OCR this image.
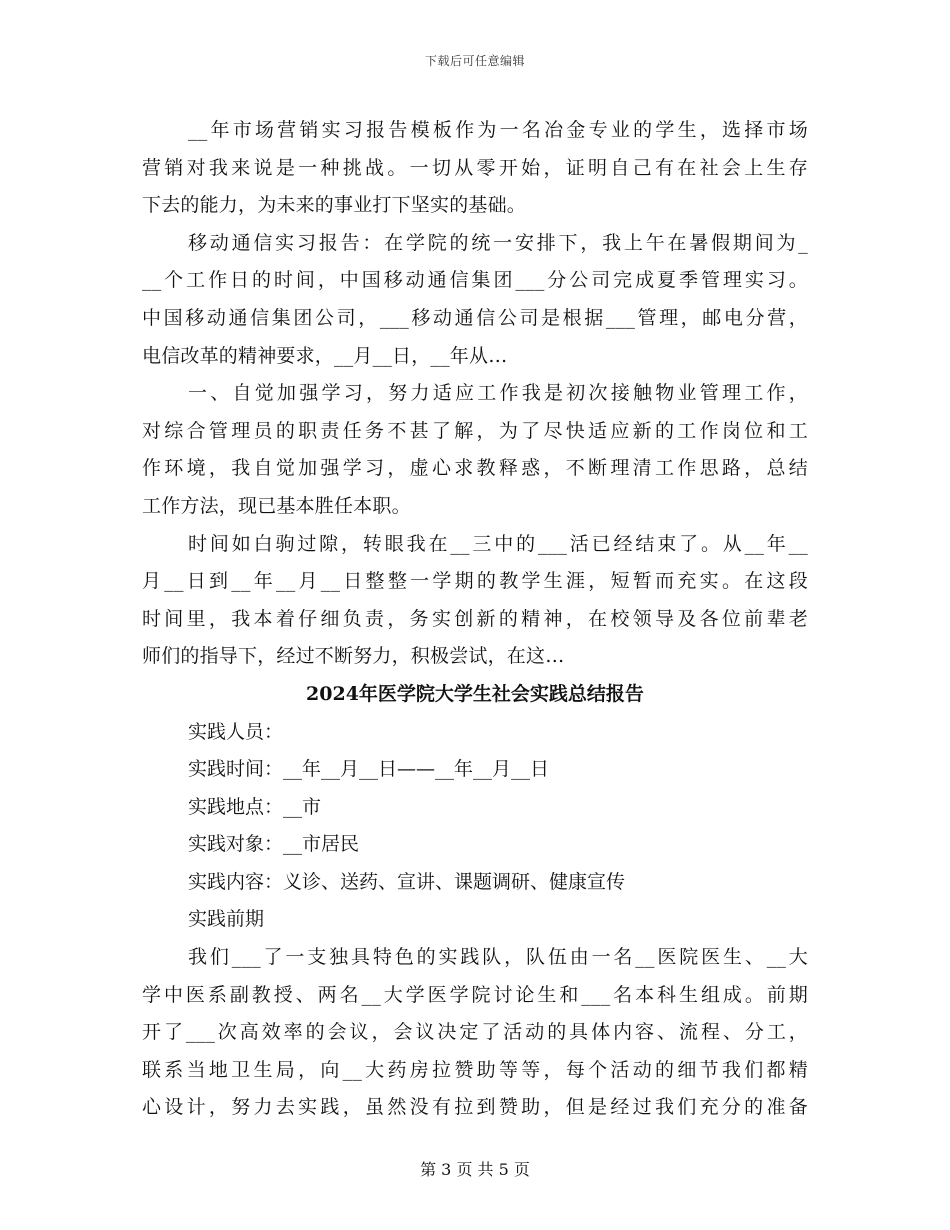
下载后可任意编辑
__年市场营销实习报告模板作为一名冶金专业的学生，选择市场
营销对我来说是一种挑战。一切从零开始，证明自己有在社会上生存
下去的能力，为未来的事业打下坚实的基础。
移动通信实习报告：在学院的统一安排下，我上午在暑假期间为_
__个工作日的时间，中国移动通信集团___分公司完成夏季管理实习。
中国移动通信集团公司，___移动通信公司是根据___管理，邮电分营，
电信改革的精神要求，__月__日，__年从…
一、自觉加强学习，努力适应工作我是初次接触物业管理工作，
对综合管理员的职责任务不甚了解，为了尽快适应新的工作岗位和工
作环境，我自觉加强学习，虚心求教释惑，不断理清工作思路，总结
工作方法，现已基本胜任本职。
时间如白驹过隙，转眼我在__三中的___活已经结束了。从__年__
月__日到__年__月__日整整一学期的教学生涯，短暂而充实。在这段
时间里，我本着仔细负责，务实创新的精神，在校领导及各位前辈老
师们的指导下，经过不断努力，积极尝试，在这…
2024年医学院大学生社会实践总结报告
实践人员：
实践时间：__年__月__日——__年__月__日
实践地点：__市
实践对象：__市居民
实践内容：义诊、送药、宣讲、课题调研、健康宣传
实践前期
我们___了一支独具特色的实践队，队伍由一名__医院医生、__大
学中医系副教授、两名__大学医学院讨论生和___名本科生组成。前期
开了___次高效率的会议，会议决定了活动的具体内容、流程、分工，
联系当地卫生局，向__大药房拉赞助等等，每个活动的细节我们都精
心设计，努力去实践，虽然没有拉到赞助，但是经过我们充分的准备
第 3 页 共 5 页
